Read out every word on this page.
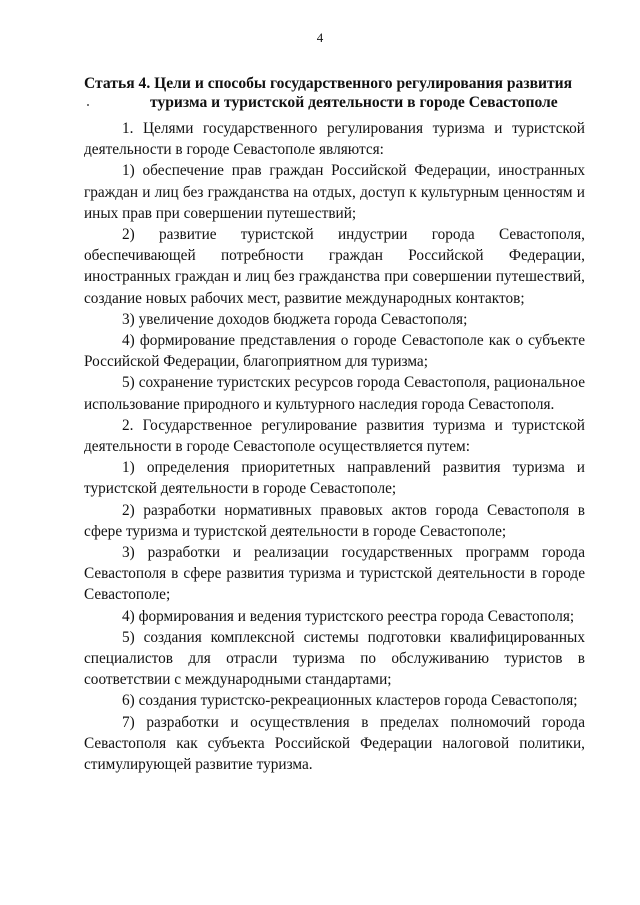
4
Статья 4. Цели и способы государственного регулирования развития
туризма и туристской деятельности в городе Севастополе

1. Целями государственного регулирования туризма и туристской деятельности в городе Севастополе являются:

1) обеспечение прав граждан Российской Федерации, иностранных граждан и лиц без гражданства на отдых, доступ к культурным ценностям и иных прав при совершении путешествий;

2) развитие туристской индустрии города Севастополя, обеспечивающей потребности граждан Российской Федерации, иностранных граждан и лиц без гражданства при совершении путешествий, создание новых рабочих мест, развитие международных контактов;

3) увеличение доходов бюджета города Севастополя;

4) формирование представления о городе Севастополе как о субъекте Российской Федерации, благоприятном для туризма;

5) сохранение туристских ресурсов города Севастополя, рациональное использование природного и культурного наследия города Севастополя.

2. Государственное регулирование развития туризма и туристской деятельности в городе Севастополе осуществляется путем:

1) определения приоритетных направлений развития туризма и туристской деятельности в городе Севастополе;

2) разработки нормативных правовых актов города Севастополя в сфере туризма и туристской деятельности в городе Севастополе;

3) разработки и реализации государственных программ города Севастополя в сфере развития туризма и туристской деятельности в городе Севастополе;

4) формирования и ведения туристского реестра города Севастополя;

5) создания комплексной системы подготовки квалифицированных специалистов для отрасли туризма по обслуживанию туристов в соответствии с международными стандартами;

6) создания туристско-рекреационных кластеров города Севастополя;

7) разработки и осуществления в пределах полномочий города Севастополя как субъекта Российской Федерации налоговой политики, стимулирующей развитие туризма.
